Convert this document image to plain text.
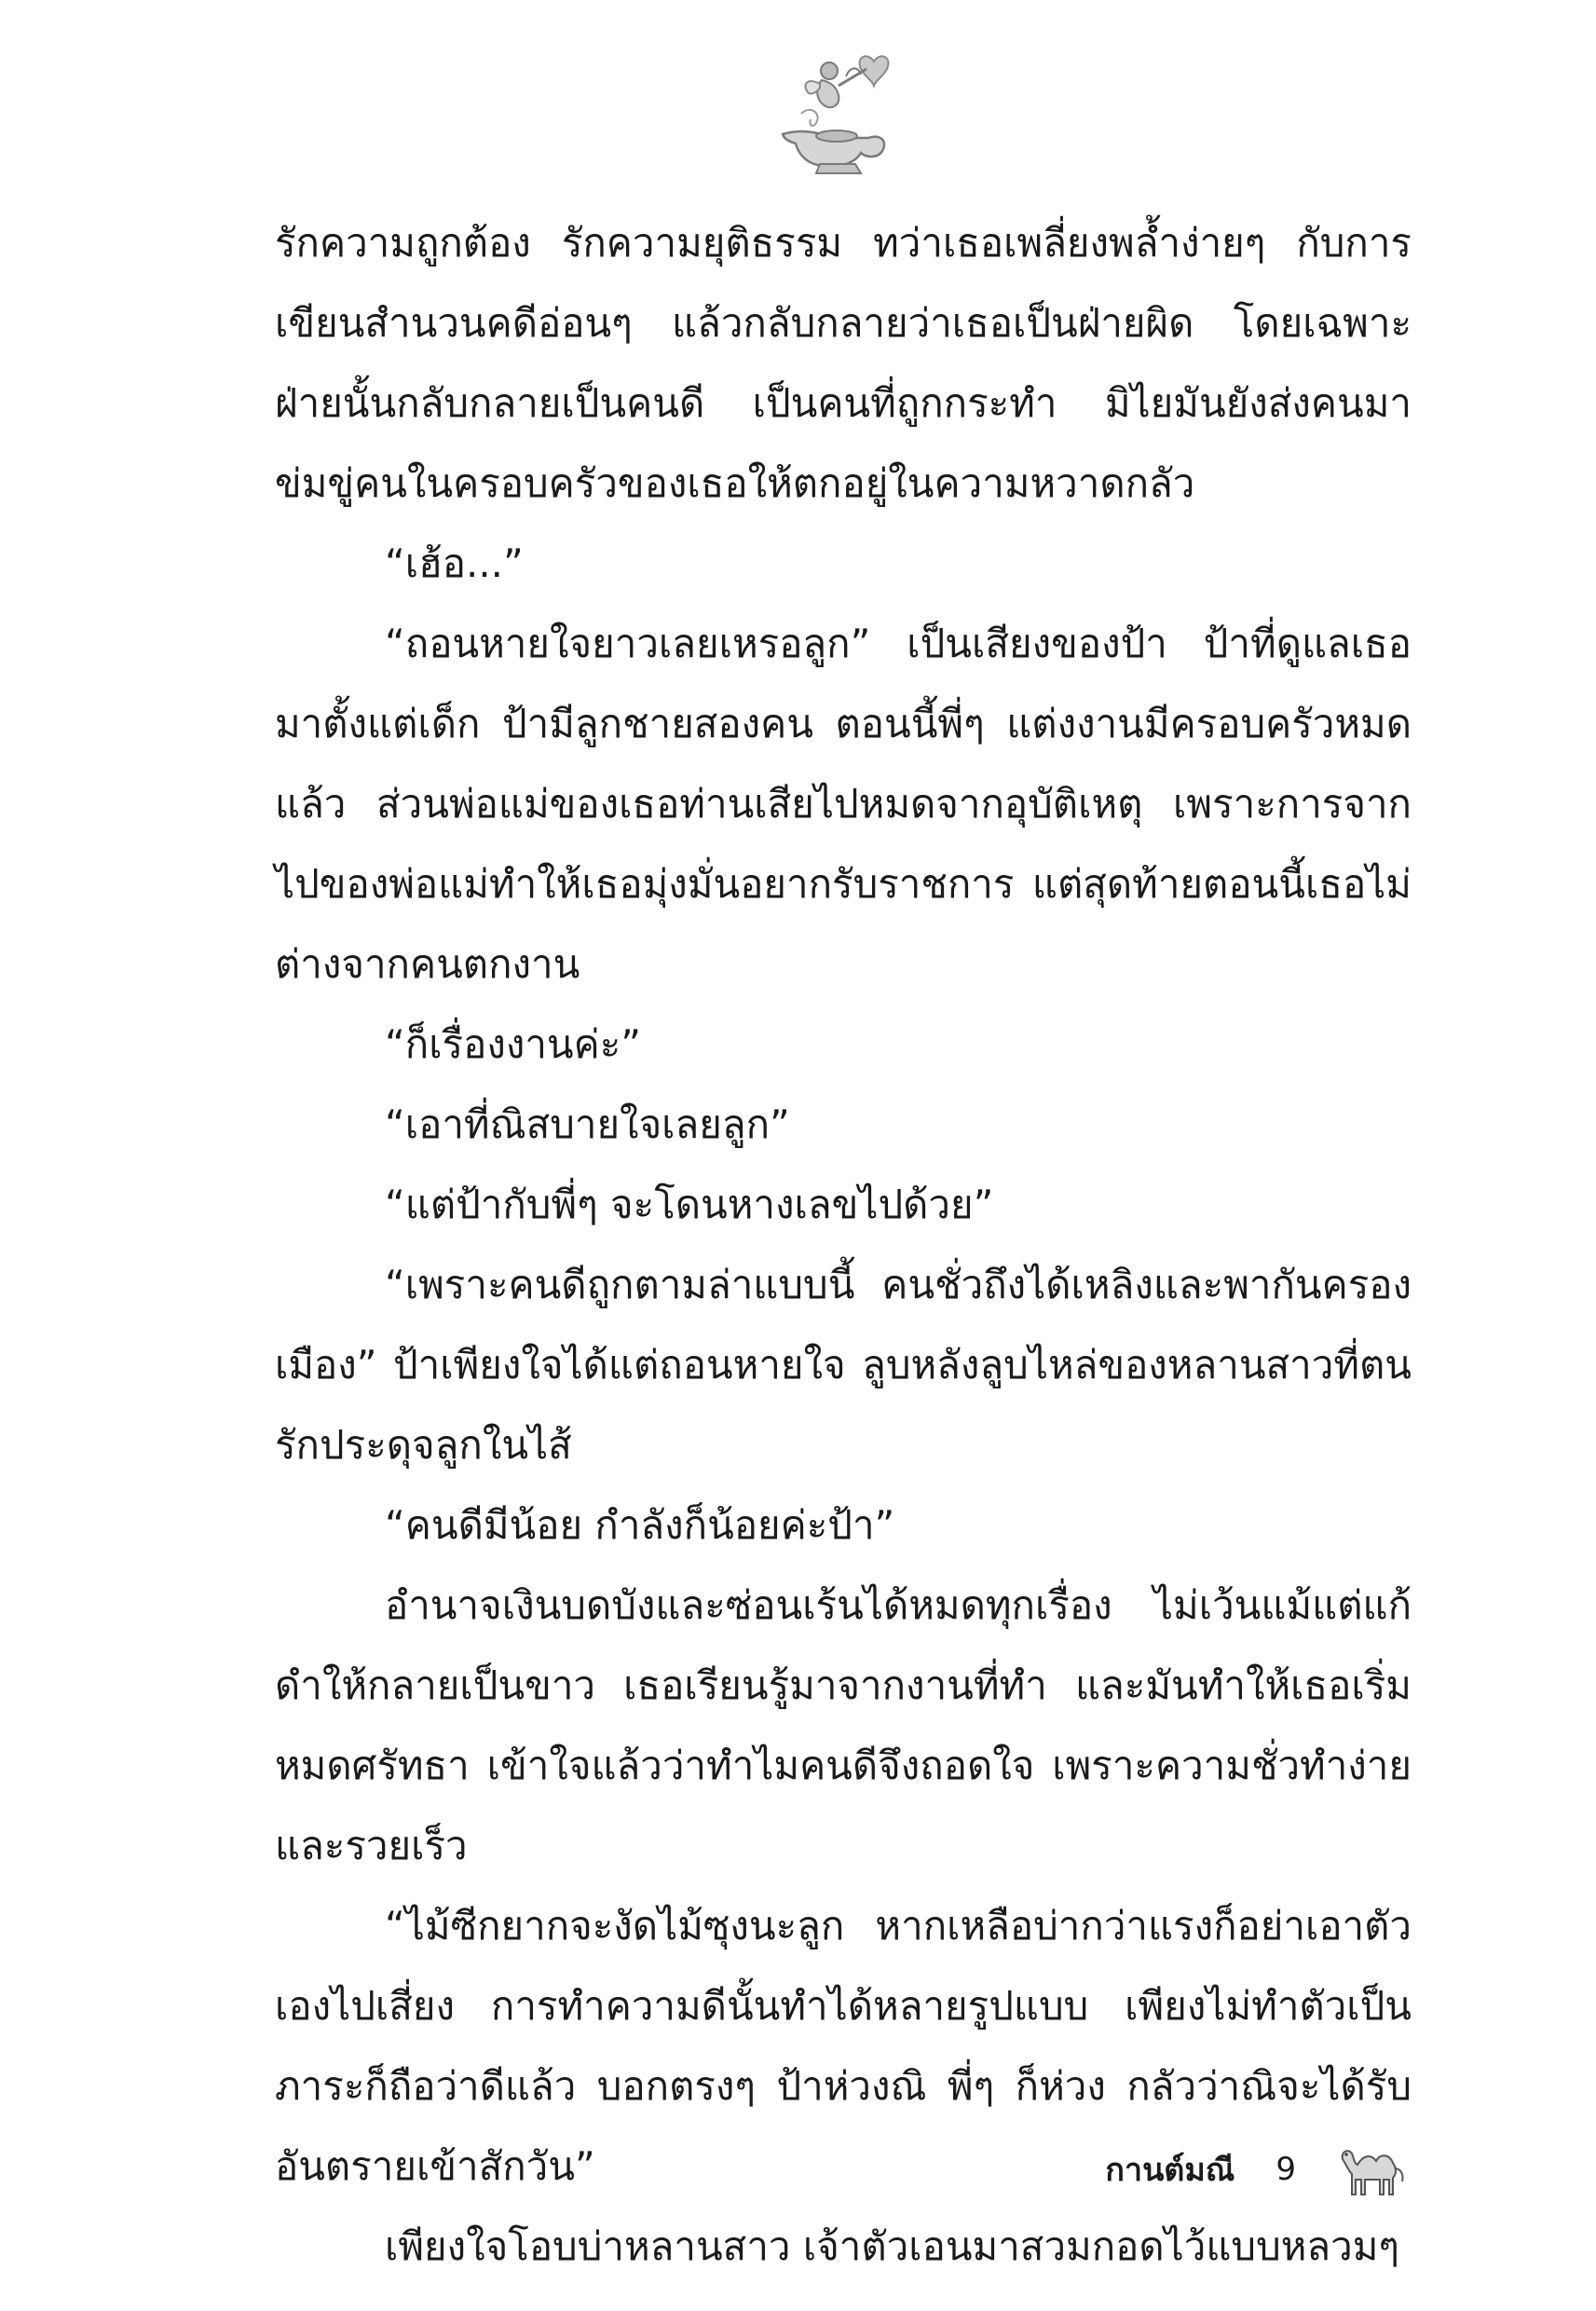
รักความถูกต้อง รักความยุติธรรม ทว่าเธอเพลี่ยงพล้ำง่ายๆ กับการเขียนสำนวนคดีอ่อนๆ แล้วกลับกลายว่าเธอเป็นฝ่ายผิด โดยเฉพาะฝ่ายนั้นกลับกลายเป็นคนดี เป็นคนที่ถูกกระทำ มิไยมันยังส่งคนมาข่มขู่คนในครอบครัวของเธอให้ตกอยู่ในความหวาดกลัว

“เฮ้อ...”

“ถอนหายใจยาวเลยเหรอลูก” เป็นเสียงของป้า ป้าที่ดูแลเธอมาตั้งแต่เด็ก ป้ามีลูกชายสองคน ตอนนี้พี่ๆ แต่งงานมีครอบครัวหมดแล้ว ส่วนพ่อแม่ของเธอท่านเสียไปหมดจากอุบัติเหตุ เพราะการจากไปของพ่อแม่ทำให้เธอมุ่งมั่นอยากรับราชการ แต่สุดท้ายตอนนี้เธอไม่ต่างจากคนตกงาน

“ก็เรื่องงานค่ะ”

“เอาที่ณิสบายใจเลยลูก”

“แต่ป้ากับพี่ๆ จะโดนหางเลขไปด้วย”

“เพราะคนดีถูกตามล่าแบบนี้ คนชั่วถึงได้เหลิงและพากันครองเมือง” ป้าเพียงใจได้แต่ถอนหายใจ ลูบหลังลูบไหล่ของหลานสาวที่ตนรักประดุจลูกในไส้

“คนดีมีน้อย กำลังก็น้อยค่ะป้า”

อำนาจเงินบดบังและซ่อนเร้นได้หมดทุกเรื่อง ไม่เว้นแม้แต่แก้ดำให้กลายเป็นขาว เธอเรียนรู้มาจากงานที่ทำ และมันทำให้เธอเริ่มหมดศรัทธา เข้าใจแล้วว่าทำไมคนดีจึงถอดใจ เพราะความชั่วทำง่ายและรวยเร็ว

“ไม้ซีกยากจะงัดไม้ซุงนะลูก หากเหลือบ่ากว่าแรงก็อย่าเอาตัวเองไปเสี่ยง การทำความดีนั้นทำได้หลายรูปแบบ เพียงไม่ทำตัวเป็นภาระก็ถือว่าดีแล้ว บอกตรงๆ ป้าห่วงณิ พี่ๆ ก็ห่วง กลัวว่าณิจะได้รับอันตรายเข้าสักวัน”

เพียงใจโอบบ่าหลานสาว เจ้าตัวเอนมาสวมกอดไว้แบบหลวมๆ

กานต์มณี 9
